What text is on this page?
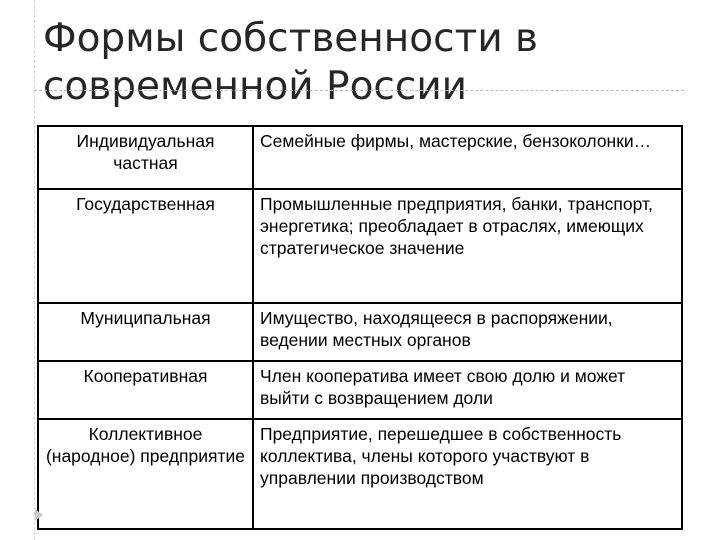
Формы собственности в
современной России
Индивидуальная частная	Семейные фирмы, мастерские, бензоколонки…
Государственная	Промышленные предприятия, банки, транспорт, энергетика; преобладает в отраслях, имеющих стратегическое значение
Муниципальная	Имущество, находящееся в распоряжении, ведении местных органов
Кооперативная	Член кооператива имеет свою долю и может выйти с возвращением доли
Коллективное (народное) предприятие	Предприятие, перешедшее в собственность коллектива, члены которого участвуют в управлении производством
